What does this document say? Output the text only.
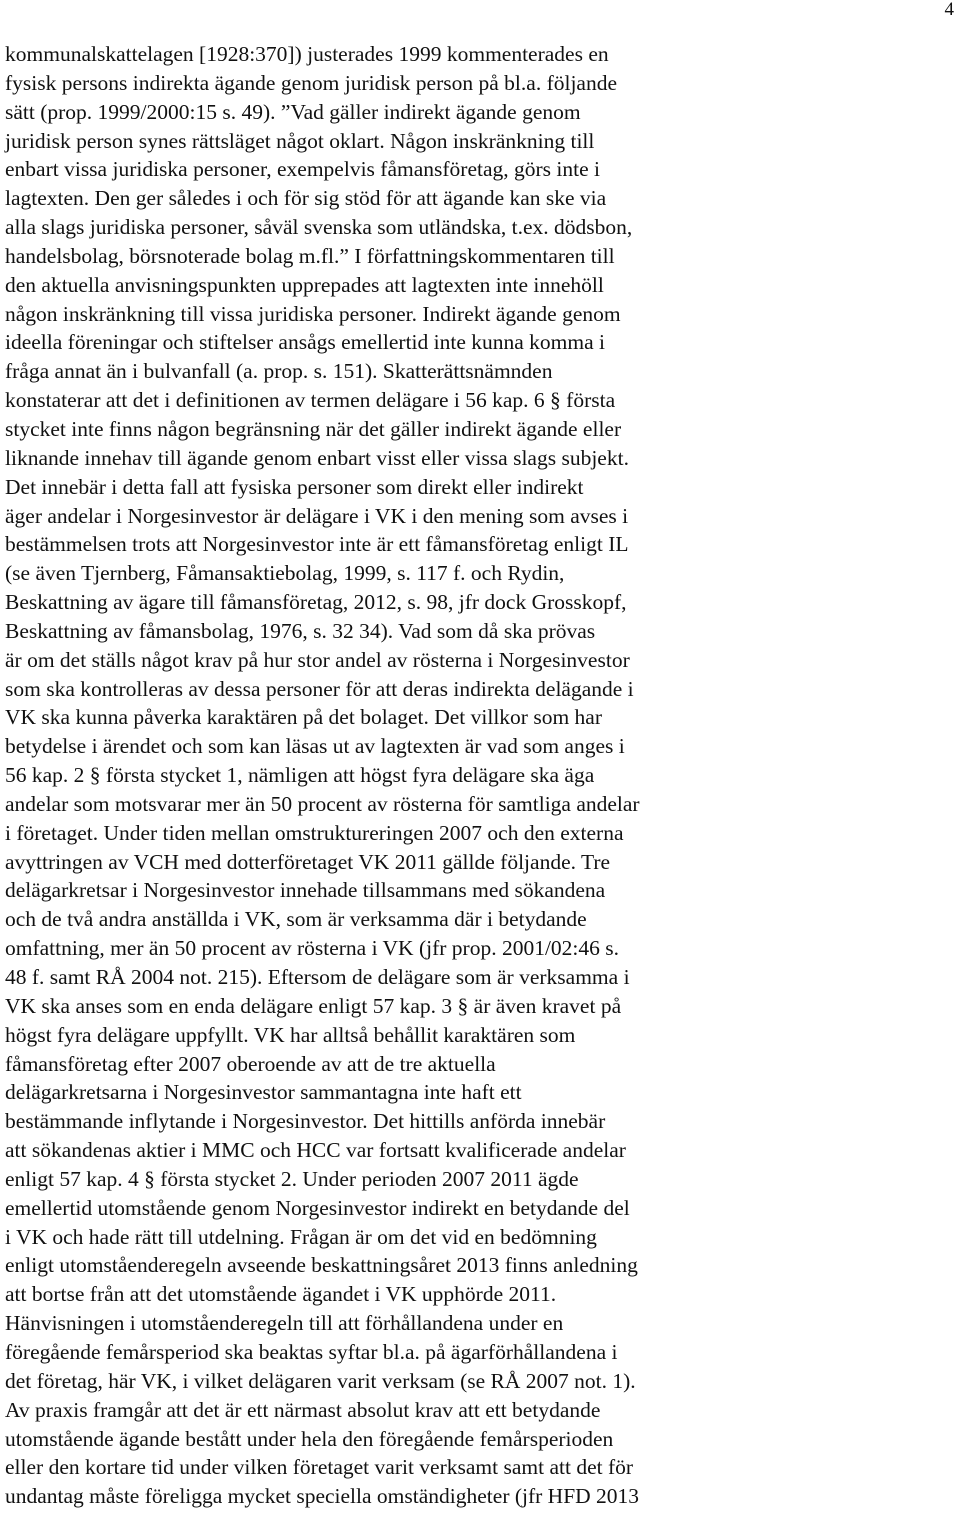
4
kommunalskattelagen [1928:370]) justerades 1999 kommenterades en
fysisk persons indirekta ägande genom juridisk person på bl.a. följande
sätt (prop. 1999/2000:15 s. 49). ”Vad gäller indirekt ägande genom
juridisk person synes rättsläget något oklart. Någon inskränkning till
enbart vissa juridiska personer, exempelvis fåmansföretag, görs inte i
lagtexten. Den ger således i och för sig stöd för att ägande kan ske via
alla slags juridiska personer, såväl svenska som utländska, t.ex. dödsbon,
handelsbolag, börsnoterade bolag m.fl.” I författningskommentaren till
den aktuella anvisningspunkten upprepades att lagtexten inte innehöll
någon inskränkning till vissa juridiska personer. Indirekt ägande genom
ideella föreningar och stiftelser ansågs emellertid inte kunna komma i
fråga annat än i bulvanfall (a. prop. s. 151). Skatterättsnämnden
konstaterar att det i definitionen av termen delägare i 56 kap. 6 § första
stycket inte finns någon begränsning när det gäller indirekt ägande eller
liknande innehav till ägande genom enbart visst eller vissa slags subjekt.
Det innebär i detta fall att fysiska personer som direkt eller indirekt
äger andelar i Norgesinvestor är delägare i VK i den mening som avses i
bestämmelsen trots att Norgesinvestor inte är ett fåmansföretag enligt IL
(se även Tjernberg, Fåmansaktiebolag, 1999, s. 117 f. och Rydin,
Beskattning av ägare till fåmansföretag, 2012, s. 98, jfr dock Grosskopf,
Beskattning av fåmansbolag, 1976, s. 32 34). Vad som då ska prövas
är om det ställs något krav på hur stor andel av rösterna i Norgesinvestor
som ska kontrolleras av dessa personer för att deras indirekta delägande i
VK ska kunna påverka karaktären på det bolaget. Det villkor som har
betydelse i ärendet och som kan läsas ut av lagtexten är vad som anges i
56 kap. 2 § första stycket 1, nämligen att högst fyra delägare ska äga
andelar som motsvarar mer än 50 procent av rösterna för samtliga andelar
i företaget. Under tiden mellan omstruktureringen 2007 och den externa
avyttringen av VCH med dotterföretaget VK 2011 gällde följande. Tre
delägarkretsar i Norgesinvestor innehade tillsammans med sökandena
och de två andra anställda i VK, som är verksamma där i betydande
omfattning, mer än 50 procent av rösterna i VK (jfr prop. 2001/02:46 s.
48 f. samt RÅ 2004 not. 215). Eftersom de delägare som är verksamma i
VK ska anses som en enda delägare enligt 57 kap. 3 § är även kravet på
högst fyra delägare uppfyllt. VK har alltså behållit karaktären som
fåmansföretag efter 2007 oberoende av att de tre aktuella
delägarkretsarna i Norgesinvestor sammantagna inte haft ett
bestämmande inflytande i Norgesinvestor. Det hittills anförda innebär
att sökandenas aktier i MMC och HCC var fortsatt kvalificerade andelar
enligt 57 kap. 4 § första stycket 2. Under perioden 2007 2011 ägde
emellertid utomstående genom Norgesinvestor indirekt en betydande del
i VK och hade rätt till utdelning. Frågan är om det vid en bedömning
enligt utomståenderegeln avseende beskattningsåret 2013 finns anledning
att bortse från att det utomstående ägandet i VK upphörde 2011.
Hänvisningen i utomståenderegeln till att förhållandena under en
föregående femårsperiod ska beaktas syftar bl.a. på ägarförhållandena i
det företag, här VK, i vilket delägaren varit verksam (se RÅ 2007 not. 1).
Av praxis framgår att det är ett närmast absolut krav att ett betydande
utomstående ägande bestått under hela den föregående femårsperioden
eller den kortare tid under vilken företaget varit verksamt samt att det för
undantag måste föreligga mycket speciella omständigheter (jfr HFD 2013
